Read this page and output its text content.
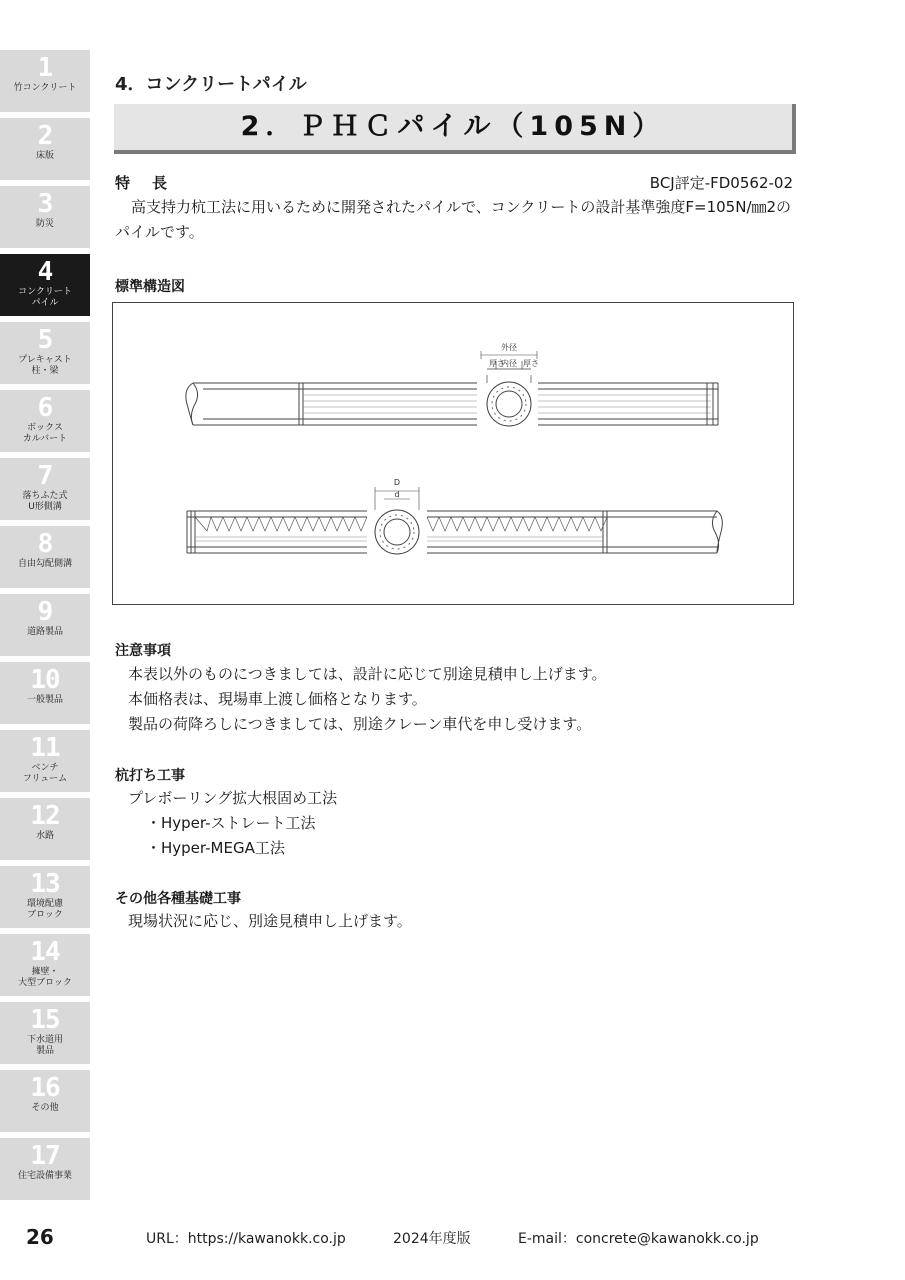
1
竹コンクリート
2
床版
3
防災
4
コンクリート
パイル
5
プレキャスト
柱・梁
6
ボックス
カルバート
7
落ちふた式
U形側溝
8
自由勾配側溝
9
道路製品
10
一般製品
11
ベンチ
フリューム
12
水路
13
環境配慮
ブロック
14
擁壁・
大型ブロック
15
下水道用
製品
16
その他
17
住宅設備事業
4．コンクリートパイル
2．ＰＨＣパイル（105N）
特長	BCJ評定-FD0562-02
高支持力杭工法に用いるために開発されたパイルで、コンクリートの設計基準強度F=105N/㎜2のパイルです。
標準構造図
外径
厚さ
内径 厚さ
D
d
注意事項
本表以外のものにつきましては、設計に応じて別途見積申し上げます。
本価格表は、現場車上渡し価格となります。
製品の荷降ろしにつきましては、別途クレーン車代を申し受けます。
杭打ち工事
プレボーリング拡大根固め工法
・Hyper-ストレート工法
・Hyper-MEGA工法
その他各種基礎工事
現場状況に応じ、別途見積申し上げます。
26	URL：https://kawanokk.co.jp	2024年度版	E-mail：concrete@kawanokk.co.jp
